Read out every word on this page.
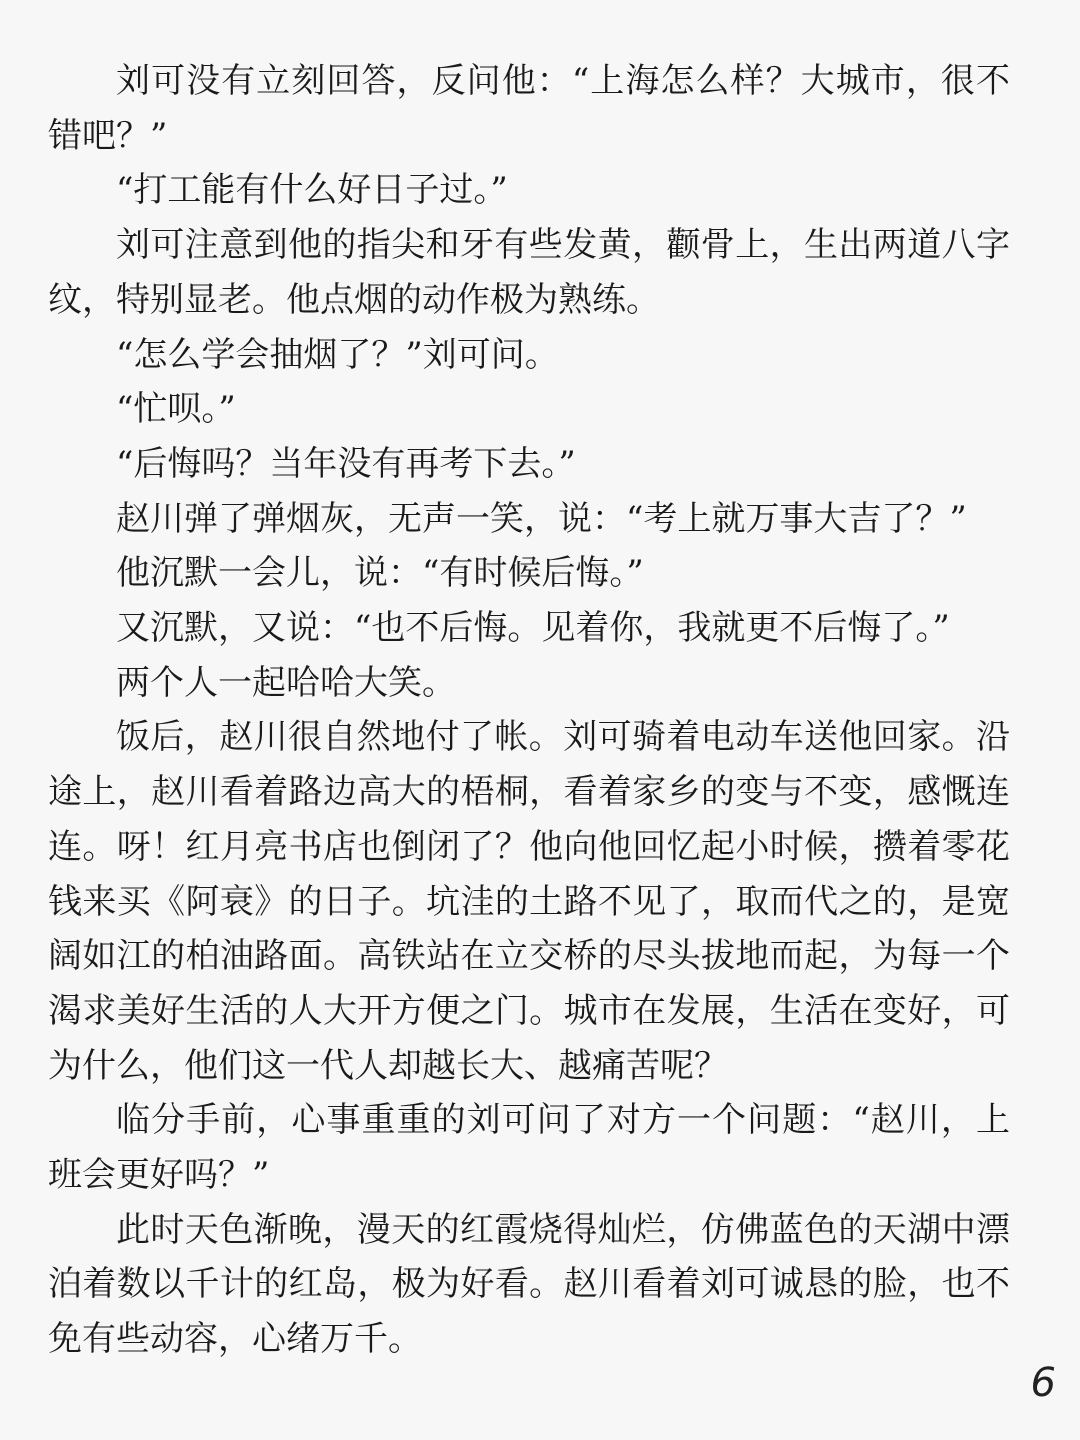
刘可没有立刻回答，反问他：“上海怎么样？大城市，很不错吧？”

“打工能有什么好日子过。”

刘可注意到他的指尖和牙有些发黄，颧骨上，生出两道八字纹，特别显老。他点烟的动作极为熟练。

“怎么学会抽烟了？”刘可问。

“忙呗。”

“后悔吗？当年没有再考下去。”

赵川弹了弹烟灰，无声一笑，说：“考上就万事大吉了？”

他沉默一会儿，说：“有时候后悔。”

又沉默，又说：“也不后悔。见着你，我就更不后悔了。”

两个人一起哈哈大笑。

饭后，赵川很自然地付了帐。刘可骑着电动车送他回家。沿途上，赵川看着路边高大的梧桐，看着家乡的变与不变，感慨连连。呀！红月亮书店也倒闭了？他向他回忆起小时候，攒着零花钱来买《阿衰》的日子。坑洼的土路不见了，取而代之的，是宽阔如江的柏油路面。高铁站在立交桥的尽头拔地而起，为每一个渴求美好生活的人大开方便之门。城市在发展，生活在变好，可为什么，他们这一代人却越长大、越痛苦呢？

临分手前，心事重重的刘可问了对方一个问题：“赵川，上班会更好吗？”

此时天色渐晚，漫天的红霞烧得灿烂，仿佛蓝色的天湖中漂泊着数以千计的红岛，极为好看。赵川看着刘可诚恳的脸，也不免有些动容，心绪万千。

6
